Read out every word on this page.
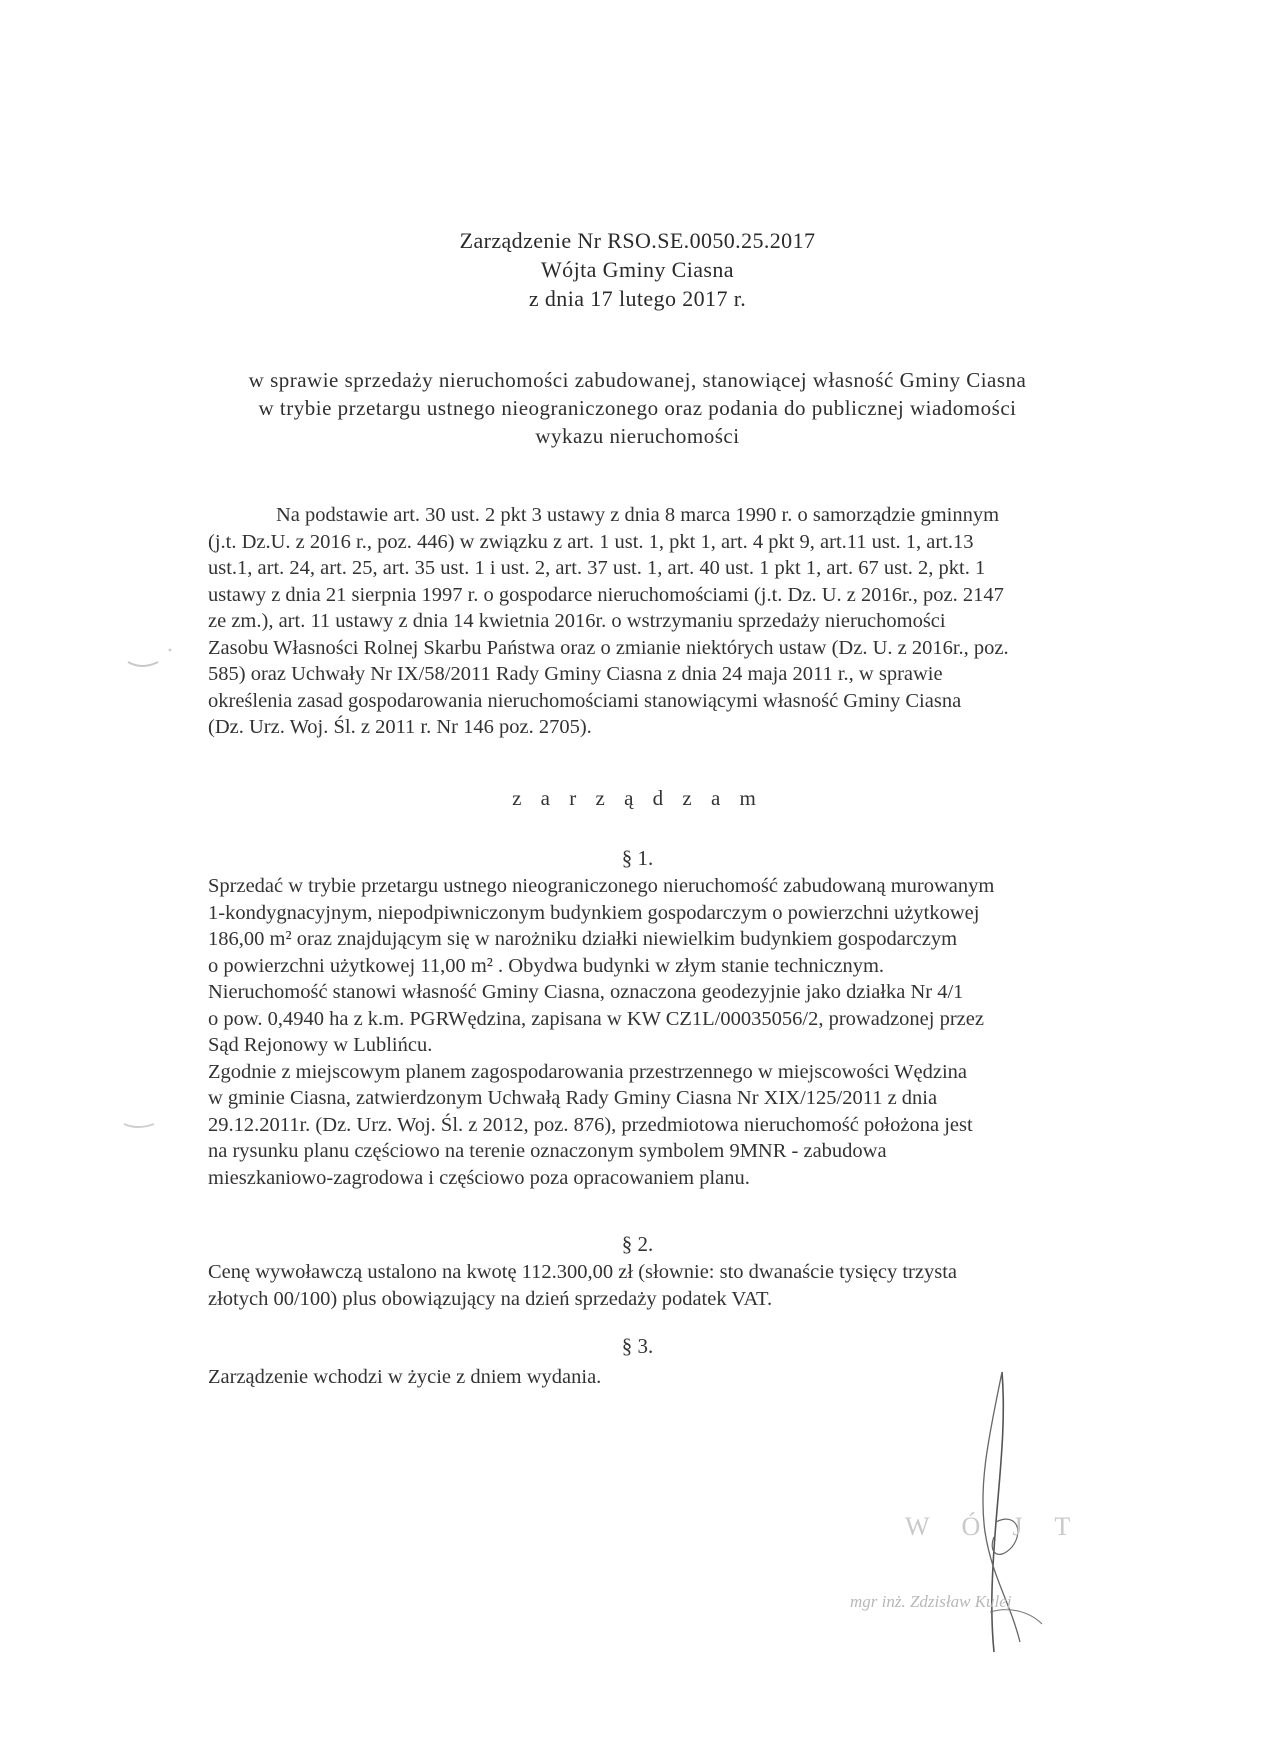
Zarządzenie Nr RSO.SE.0050.25.2017
Wójta Gminy Ciasna
z dnia 17 lutego 2017 r.
w sprawie sprzedaży nieruchomości zabudowanej, stanowiącej własność Gminy Ciasna
w trybie przetargu ustnego nieograniczonego oraz podania do publicznej wiadomości
wykazu nieruchomości
Na podstawie art. 30 ust. 2 pkt 3 ustawy z dnia 8 marca 1990 r. o samorządzie gminnym
(j.t. Dz.U. z 2016 r., poz. 446) w związku z art. 1 ust. 1, pkt 1, art. 4 pkt 9, art.11 ust. 1, art.13
ust.1, art. 24, art. 25, art. 35 ust. 1 i ust. 2, art. 37 ust. 1, art. 40 ust. 1 pkt 1, art. 67 ust. 2, pkt. 1
ustawy z dnia 21 sierpnia 1997 r. o gospodarce nieruchomościami (j.t. Dz. U. z 2016r., poz. 2147
ze zm.), art. 11 ustawy z dnia 14 kwietnia 2016r. o wstrzymaniu sprzedaży nieruchomości
Zasobu Własności Rolnej Skarbu Państwa oraz o zmianie niektórych ustaw (Dz. U. z 2016r., poz.
585) oraz Uchwały Nr IX/58/2011 Rady Gminy Ciasna z dnia 24 maja 2011 r., w sprawie
określenia zasad gospodarowania nieruchomościami stanowiącymi własność Gminy Ciasna
(Dz. Urz. Woj. Śl. z 2011 r. Nr 146 poz. 2705).
z a r z ą d z a m
§ 1.
Sprzedać w trybie przetargu ustnego nieograniczonego nieruchomość zabudowaną murowanym
1-kondygnacyjnym, niepodpiwniczonym budynkiem gospodarczym o powierzchni użytkowej
186,00 m² oraz znajdującym się w narożniku działki niewielkim budynkiem gospodarczym
o powierzchni użytkowej 11,00 m² . Obydwa budynki w złym stanie technicznym.
Nieruchomość stanowi własność Gminy Ciasna, oznaczona geodezyjnie jako działka Nr 4/1
o pow. 0,4940 ha z k.m. PGRWędzina, zapisana w KW CZ1L/00035056/2, prowadzonej przez
Sąd Rejonowy w Lublińcu.
Zgodnie z miejscowym planem zagospodarowania przestrzennego w miejscowości Wędzina
w gminie Ciasna, zatwierdzonym Uchwałą Rady Gminy Ciasna Nr XIX/125/2011 z dnia
29.12.2011r. (Dz. Urz. Woj. Śl. z 2012, poz. 876), przedmiotowa nieruchomość położona jest
na rysunku planu częściowo na terenie oznaczonym symbolem 9MNR - zabudowa
mieszkaniowo-zagrodowa i częściowo poza opracowaniem planu.
§ 2.
Cenę wywoławczą ustalono na kwotę 112.300,00 zł (słownie: sto dwanaście tysięcy trzysta
złotych 00/100) plus obowiązujący na dzień sprzedaży podatek VAT.
§ 3.
Zarządzenie wchodzi w życie z dniem wydania.
WÓJT
mgr inż. Zdzisław Kulej
